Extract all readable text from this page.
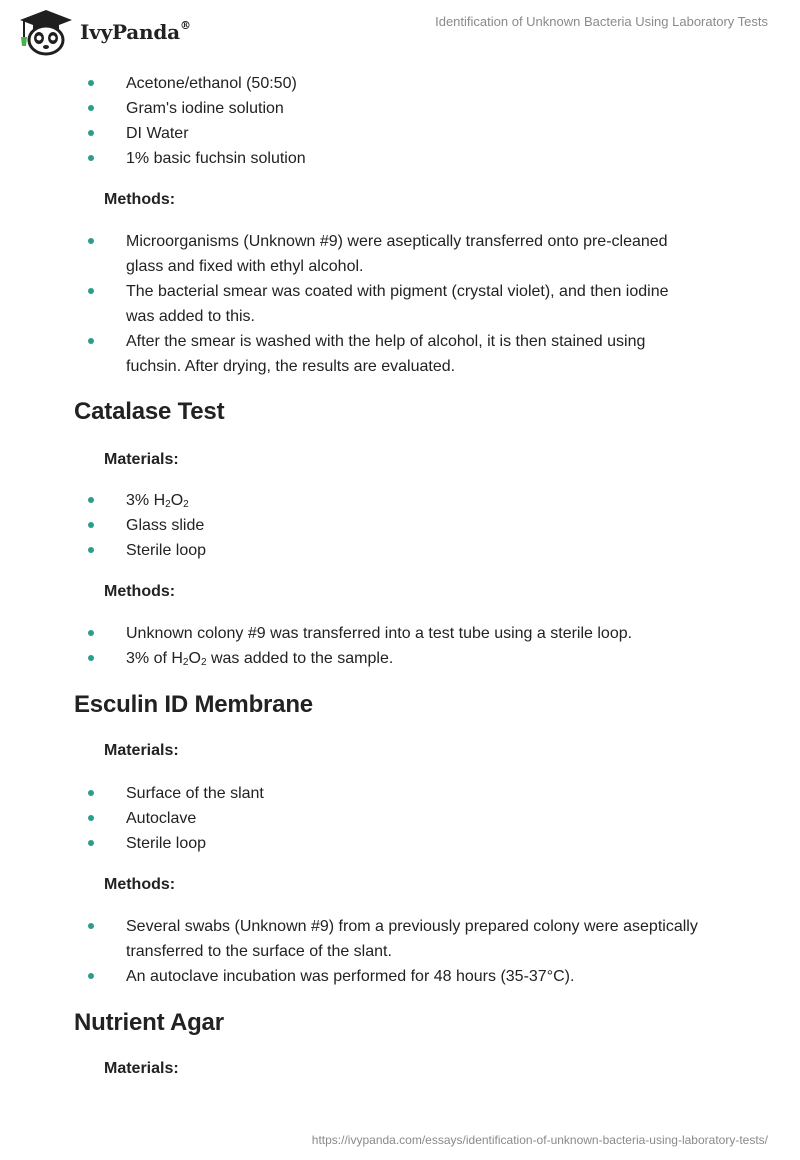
IvyPanda®	Identification of Unknown Bacteria Using Laboratory Tests
Acetone/ethanol (50:50)
Gram's iodine solution
DI Water
1% basic fuchsin solution
Methods:
Microorganisms (Unknown #9) were aseptically transferred onto pre-cleaned
glass and fixed with ethyl alcohol.
The bacterial smear was coated with pigment (crystal violet), and then iodine
was added to this.
After the smear is washed with the help of alcohol, it is then stained using
fuchsin. After drying, the results are evaluated.
Catalase Test
Materials:
3% $H_2O_2$
Glass slide
Sterile loop
Methods:
Unknown colony #9 was transferred into a test tube using a sterile loop.
3% of $H_2O_2$ was added to the sample.
Esculin ID Membrane
Materials:
Surface of the slant
Autoclave
Sterile loop
Methods:
Several swabs (Unknown #9) from a previously prepared colony were aseptically
transferred to the surface of the slant.
An autoclave incubation was performed for 48 hours (35-37°C).
Nutrient Agar
Materials:
https://ivypanda.com/essays/identification-of-unknown-bacteria-using-laboratory-tests/
